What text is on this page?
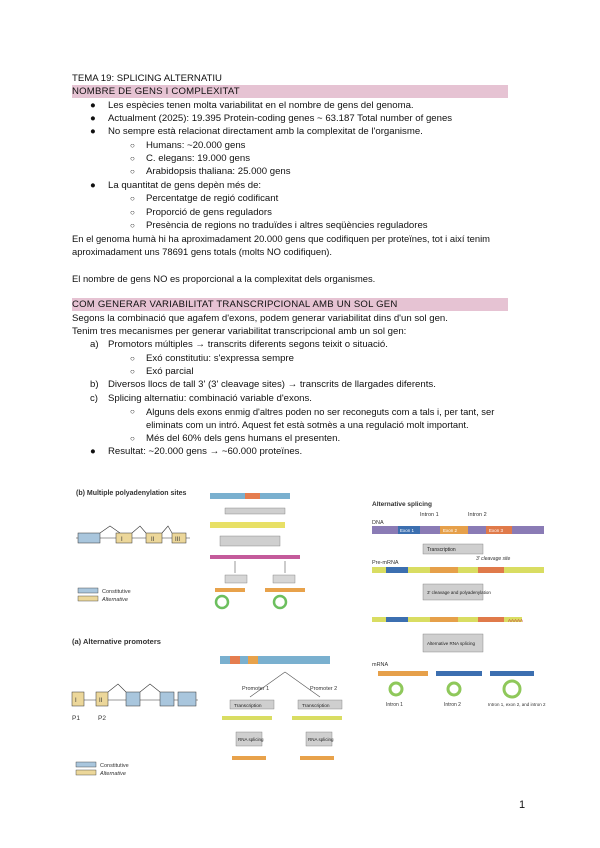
TEMA 19: SPLICING ALTERNATIU
NOMBRE DE GENS I COMPLEXITAT
● Les espècies tenen molta variabilitat en el nombre de gens del genoma.
● Actualment (2025): 19.395 Protein-coding genes ~ 63.187 Total number of genes
● No sempre està relacionat directament amb la complexitat de l'organisme.
○ Humans: ~20.000 gens
○ C. elegans: 19.000 gens
○ Arabidopsis thaliana: 25.000 gens
● La quantitat de gens depèn més de:
○ Percentatge de regió codificant
○ Proporció de gens reguladors
○ Presència de regions no traduïdes i altres seqüències reguladores
En el genoma humà hi ha aproximadament 20.000 gens que codifiquen per proteïnes, tot i així tenim aproximadament uns 78691 gens totals (molts NO codifiquen).
El nombre de gens NO es proporcional a la complexitat dels organismes.
COM GENERAR VARIABILITAT TRANSCRIPCIONAL AMB UN SOL GEN
Segons la combinació que agafem d'exons, podem generar variabilitat dins d'un sol gen.
Tenim tres mecanismes per generar variabilitat transcripcional amb un sol gen:
a) Promotors múltiples → transcrits diferents segons teixit o situació.
○ Exó constitutiu: s'expressa sempre
○ Exó parcial
b) Diversos llocs de tall 3' (3' cleavage sites) → transcrits de llargades diferents.
c) Splicing alternatiu: combinació variable d'exons.
○	Alguns dels exons enmig d'altres poden no ser reconeguts com a tals i, per tant, ser eliminats com un intró. Aquest fet està sotmès a una regulació molt important.
○ Més del 60% dels gens humans el presenten.
● Resultat: ~20.000 gens → ~60.000 proteïnes.
(b) Multiple polyadenylation sites
I	II	III
Constitutive
Alternative
Alternative splicing
Intron 1	Intron 2
DNA
Exon 1	Exon 2	Exon 3
Transcription
Pre-mRNA
3' cleavage site
3' cleavage and polyadenylation
AAAAA
Alternative RNA splicing
mRNA
Intron 1	Intron 2	Intron 1, exon 2, and intron 2
(a) Alternative promoters
I	II
P1	P2
Constitutive
Alternative
Promoter 1	Promoter 2
Transcription	Transcription
RNA splicing	RNA splicing
1
